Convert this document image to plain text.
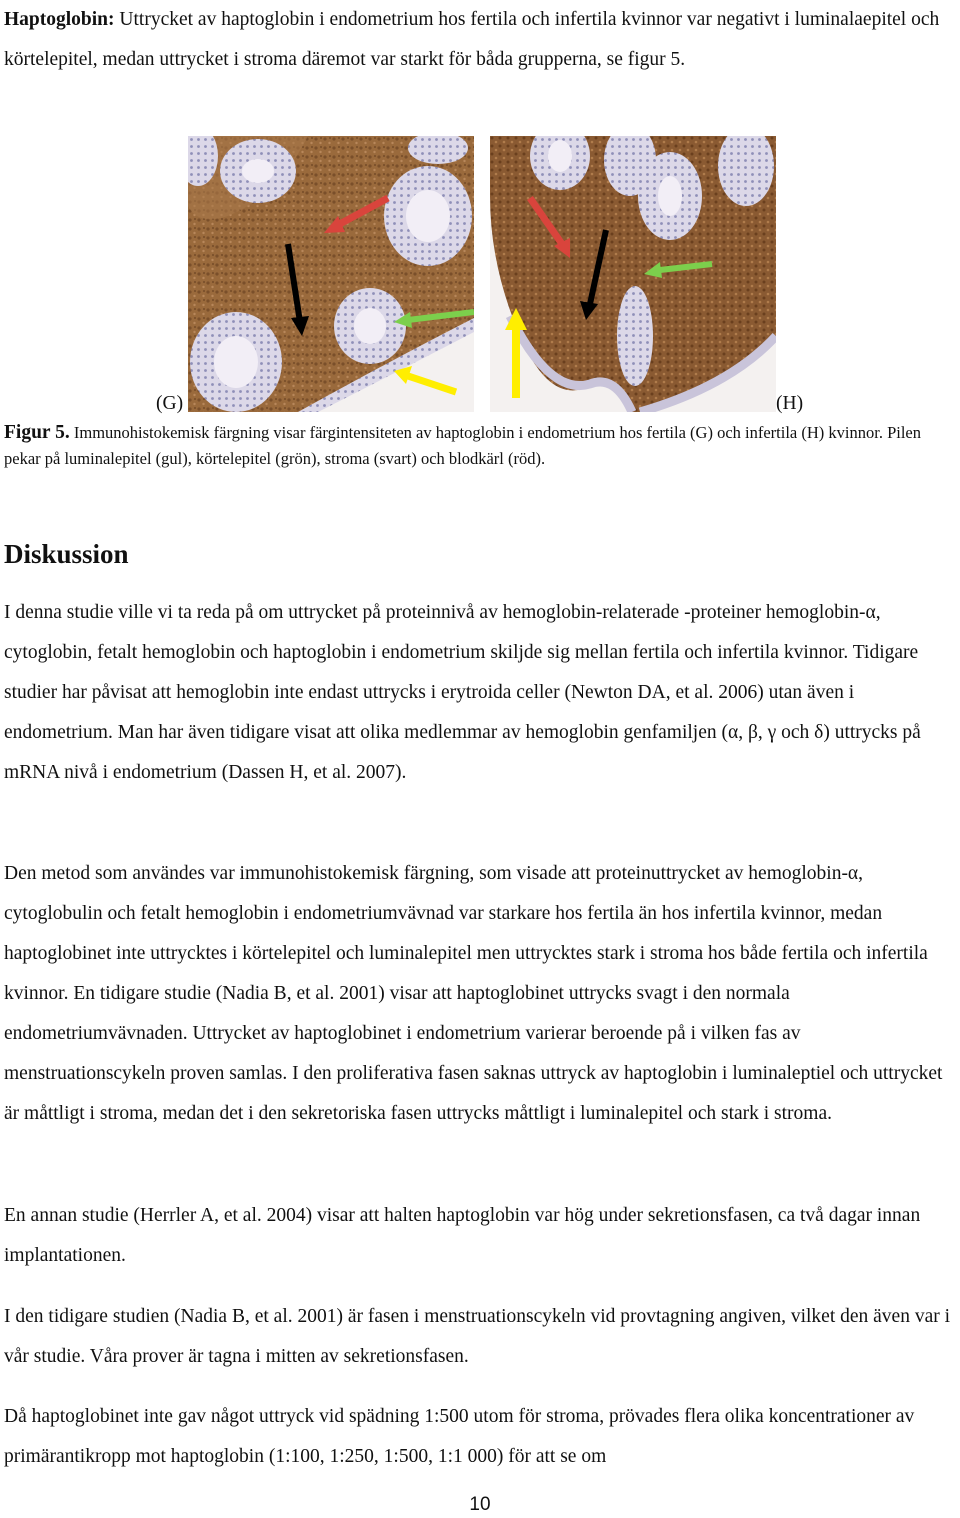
Haptoglobin: Uttrycket av haptoglobin i endometrium hos fertila och infertila kvinnor var negativt i luminalaepitel och körtelepitel, medan uttrycket i stroma däremot var starkt för båda grupperna, se figur 5.

(G)	(H)

Figur 5. Immunohistokemisk färgning visar färgintensiteten av haptoglobin i endometrium hos fertila (G) och infertila (H) kvinnor. Pilen pekar på luminalepitel (gul), körtelepitel (grön), stroma (svart) och blodkärl (röd).

Diskussion

I denna studie ville vi ta reda på om uttrycket på proteinnivå av hemoglobin-relaterade -proteiner hemoglobin-α, cytoglobin, fetalt hemoglobin och haptoglobin i endometrium skiljde sig mellan fertila och infertila kvinnor. Tidigare studier har påvisat att hemoglobin inte endast uttrycks i erytroida celler (Newton DA, et al. 2006) utan även i endometrium. Man har även tidigare visat att olika medlemmar av hemoglobin genfamiljen (α, β, γ och δ) uttrycks på mRNA nivå i endometrium (Dassen H, et al. 2007).

Den metod som användes var immunohistokemisk färgning, som visade att proteinuttrycket av hemoglobin-α, cytoglobulin och fetalt hemoglobin i endometriumvävnad var starkare hos fertila än hos infertila kvinnor, medan haptoglobinet inte uttrycktes i körtelepitel och luminalepitel men uttrycktes stark i stroma hos både fertila och infertila kvinnor. En tidigare studie (Nadia B, et al. 2001) visar att haptoglobinet uttrycks svagt i den normala endometriumvävnaden. Uttrycket av haptoglobinet i endometrium varierar beroende på i vilken fas av menstruationscykeln proven samlas. I den proliferativa fasen saknas uttryck av haptoglobin i luminaleptiel och uttrycket är måttligt i stroma, medan det i den sekretoriska fasen uttrycks måttligt i luminalepitel och stark i stroma.

En annan studie (Herrler A, et al. 2004) visar att halten haptoglobin var hög under sekretionsfasen, ca två dagar innan implantationen.

I den tidigare studien (Nadia B, et al. 2001) är fasen i menstruationscykeln vid provtagning angiven, vilket den även var i vår studie. Våra prover är tagna i mitten av sekretionsfasen.

Då haptoglobinet inte gav något uttryck vid spädning 1:500 utom för stroma, prövades flera olika koncentrationer av primärantikropp mot haptoglobin (1:100, 1:250, 1:500, 1:1 000) för att se om

10
